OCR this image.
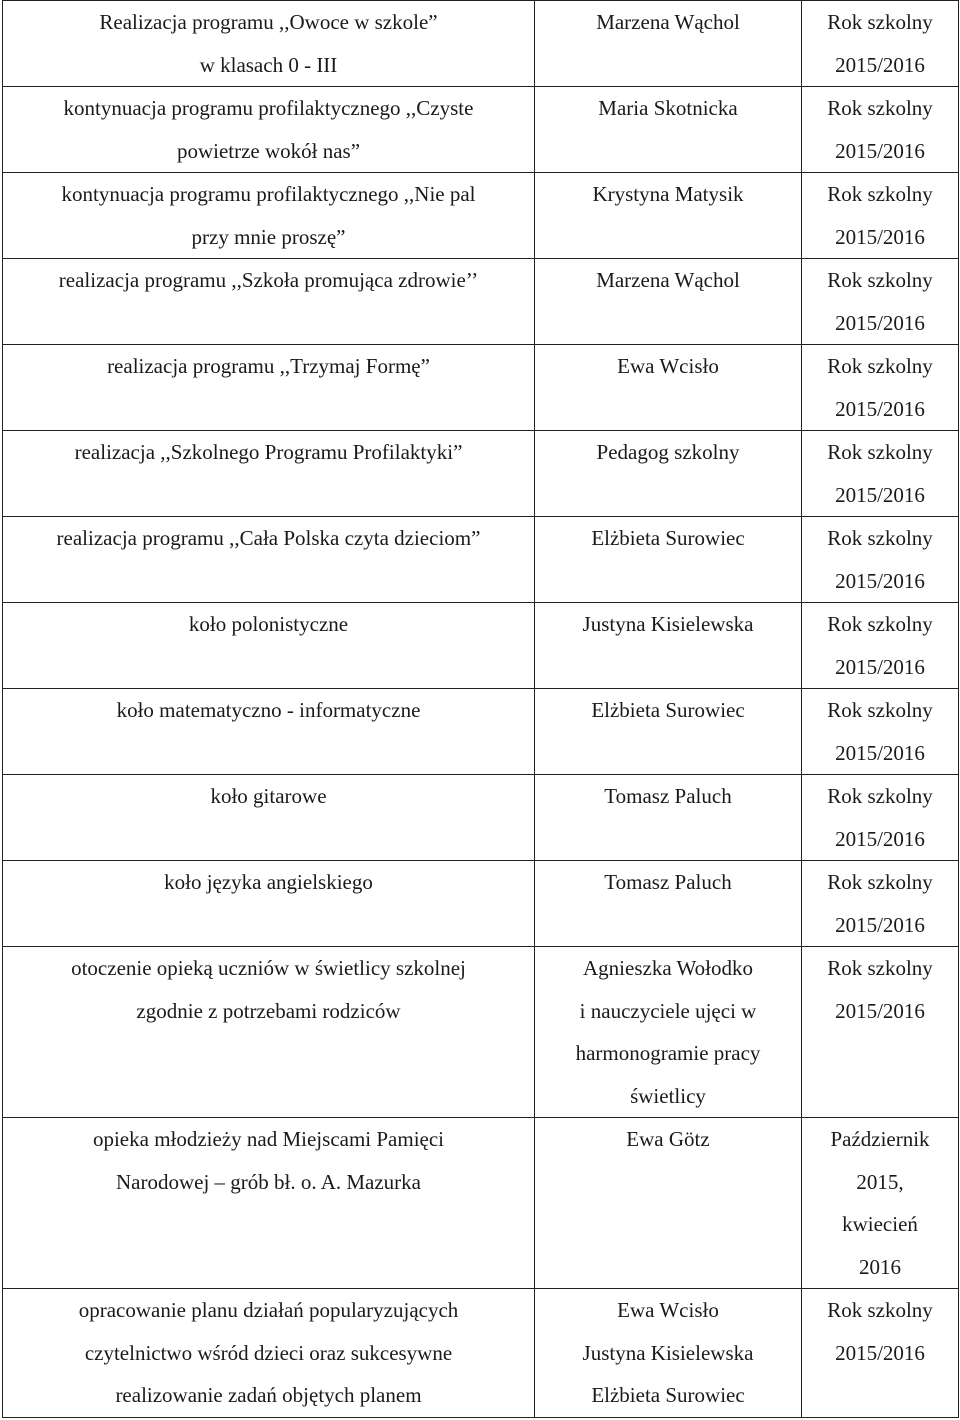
Realizacja programu ,,Owoce w szkole”
w klasach 0 - III	Marzena Wąchol	Rok szkolny
2015/2016

kontynuacja programu profilaktycznego ,,Czyste
powietrze wokół nas”	Maria Skotnicka	Rok szkolny
2015/2016

kontynuacja programu profilaktycznego ,,Nie pal
przy mnie proszę”	Krystyna Matysik	Rok szkolny
2015/2016

realizacja programu ,,Szkoła promująca zdrowie’’	Marzena Wąchol	Rok szkolny
2015/2016

realizacja programu ,,Trzymaj Formę”	Ewa Wcisło	Rok szkolny
2015/2016

realizacja ,,Szkolnego Programu Profilaktyki”	Pedagog szkolny	Rok szkolny
2015/2016

realizacja programu ,,Cała Polska czyta dzieciom”	Elżbieta Surowiec	Rok szkolny
2015/2016

koło polonistyczne	Justyna Kisielewska	Rok szkolny
2015/2016

koło matematyczno - informatyczne	Elżbieta Surowiec	Rok szkolny
2015/2016

koło gitarowe	Tomasz Paluch	Rok szkolny
2015/2016

koło języka angielskiego	Tomasz Paluch	Rok szkolny
2015/2016

otoczenie opieką uczniów w świetlicy szkolnej
zgodnie z potrzebami rodziców	Agnieszka Wołodko
i nauczyciele ujęci w
harmonogramie pracy
świetlicy	Rok szkolny
2015/2016

opieka młodzieży nad Miejscami Pamięci
Narodowej – grób bł. o. A. Mazurka	Ewa Götz	Październik
2015,
kwiecień
2016

opracowanie planu działań popularyzujących
czytelnictwo wśród dzieci oraz sukcesywne
realizowanie zadań objętych planem	Ewa Wcisło
Justyna Kisielewska
Elżbieta Surowiec	Rok szkolny
2015/2016
